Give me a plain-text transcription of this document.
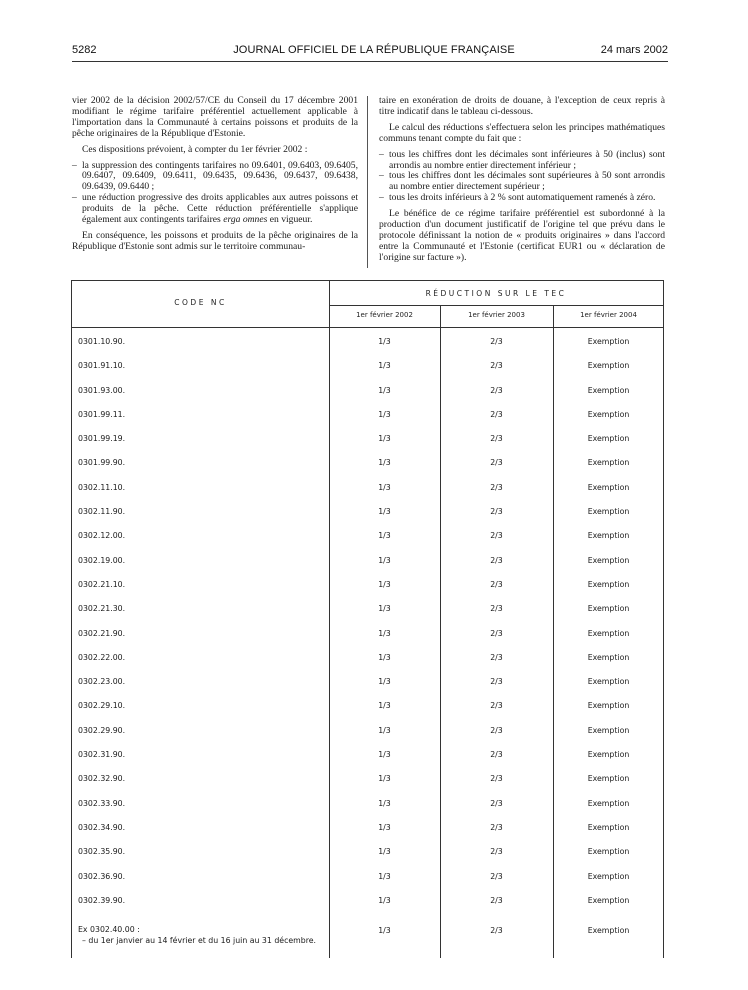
5282	JOURNAL OFFICIEL DE LA RÉPUBLIQUE FRANÇAISE	24 mars 2002

vier 2002 de la décision 2002/57/CE du Conseil du 17 décembre 2001 modifiant le régime tarifaire préférentiel actuellement applicable à l'importation dans la Communauté à certains poissons et produits de la pêche originaires de la République d'Estonie.

Ces dispositions prévoient, à compter du 1er février 2002 :

– la suppression des contingents tarifaires no 09.6401, 09.6403, 09.6405, 09.6407, 09.6409, 09.6411, 09.6435, 09.6436, 09.6437, 09.6438, 09.6439, 09.6440 ;
– une réduction progressive des droits applicables aux autres poissons et produits de la pêche. Cette réduction préférentielle s'applique également aux contingents tarifaires erga omnes en vigueur.

En conséquence, les poissons et produits de la pêche originaires de la République d'Estonie sont admis sur le territoire communau-

taire en exonération de droits de douane, à l'exception de ceux repris à titre indicatif dans le tableau ci-dessous.

Le calcul des réductions s'effectuera selon les principes mathématiques communs tenant compte du fait que :

– tous les chiffres dont les décimales sont inférieures à 50 (inclus) sont arrondis au nombre entier directement inférieur ;
– tous les chiffres dont les décimales sont supérieures à 50 sont arrondis au nombre entier directement supérieur ;
– tous les droits inférieurs à 2 % sont automatiquement ramenés à zéro.

Le bénéfice de ce régime tarifaire préférentiel est subordonné à la production d'un document justificatif de l'origine tel que prévu dans le protocole définissant la notion de « produits originaires » dans l'accord entre la Communauté et l'Estonie (certificat EUR1 ou « déclaration de l'origine sur facture »).

CODE NC
RÉDUCTION SUR LE TEC
1er février 2002	1er février 2003	1er février 2004
0301.10.90.	1/3	2/3	Exemption
0301.91.10.	1/3	2/3	Exemption
0301.93.00.	1/3	2/3	Exemption
0301.99.11.	1/3	2/3	Exemption
0301.99.19.	1/3	2/3	Exemption
0301.99.90.	1/3	2/3	Exemption
0302.11.10.	1/3	2/3	Exemption
0302.11.90.	1/3	2/3	Exemption
0302.12.00.	1/3	2/3	Exemption
0302.19.00.	1/3	2/3	Exemption
0302.21.10.	1/3	2/3	Exemption
0302.21.30.	1/3	2/3	Exemption
0302.21.90.	1/3	2/3	Exemption
0302.22.00.	1/3	2/3	Exemption
0302.23.00.	1/3	2/3	Exemption
0302.29.10.	1/3	2/3	Exemption
0302.29.90.	1/3	2/3	Exemption
0302.31.90.	1/3	2/3	Exemption
0302.32.90.	1/3	2/3	Exemption
0302.33.90.	1/3	2/3	Exemption
0302.34.90.	1/3	2/3	Exemption
0302.35.90.	1/3	2/3	Exemption
0302.36.90.	1/3	2/3	Exemption
0302.39.90.	1/3	2/3	Exemption
Ex 0302.40.00 :
– du 1er janvier au 14 février et du 16 juin au 31 décembre.
1/3	2/3	Exemption
